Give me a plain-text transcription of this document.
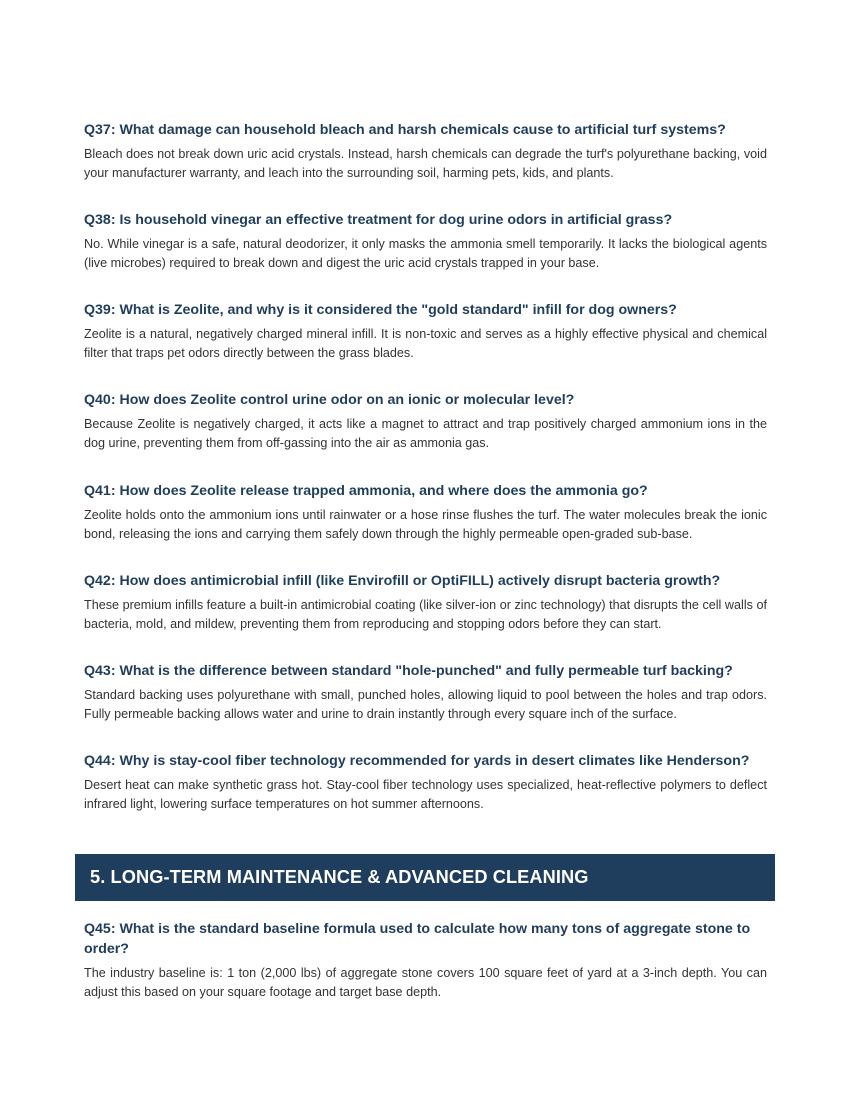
Q37: What damage can household bleach and harsh chemicals cause to artificial turf systems?

Bleach does not break down uric acid crystals. Instead, harsh chemicals can degrade the turf's polyurethane backing, void your manufacturer warranty, and leach into the surrounding soil, harming pets, kids, and plants.

Q38: Is household vinegar an effective treatment for dog urine odors in artificial grass?

No. While vinegar is a safe, natural deodorizer, it only masks the ammonia smell temporarily. It lacks the biological agents (live microbes) required to break down and digest the uric acid crystals trapped in your base.

Q39: What is Zeolite, and why is it considered the "gold standard" infill for dog owners?

Zeolite is a natural, negatively charged mineral infill. It is non-toxic and serves as a highly effective physical and chemical filter that traps pet odors directly between the grass blades.

Q40: How does Zeolite control urine odor on an ionic or molecular level?

Because Zeolite is negatively charged, it acts like a magnet to attract and trap positively charged ammonium ions in the dog urine, preventing them from off-gassing into the air as ammonia gas.

Q41: How does Zeolite release trapped ammonia, and where does the ammonia go?

Zeolite holds onto the ammonium ions until rainwater or a hose rinse flushes the turf. The water molecules break the ionic bond, releasing the ions and carrying them safely down through the highly permeable open-graded sub-base.

Q42: How does antimicrobial infill (like Envirofill or OptiFILL) actively disrupt bacteria growth?

These premium infills feature a built-in antimicrobial coating (like silver-ion or zinc technology) that disrupts the cell walls of bacteria, mold, and mildew, preventing them from reproducing and stopping odors before they can start.

Q43: What is the difference between standard "hole-punched" and fully permeable turf backing?

Standard backing uses polyurethane with small, punched holes, allowing liquid to pool between the holes and trap odors. Fully permeable backing allows water and urine to drain instantly through every square inch of the surface.

Q44: Why is stay-cool fiber technology recommended for yards in desert climates like Henderson?

Desert heat can make synthetic grass hot. Stay-cool fiber technology uses specialized, heat-reflective polymers to deflect infrared light, lowering surface temperatures on hot summer afternoons.

5. LONG-TERM MAINTENANCE & ADVANCED CLEANING
Q45: What is the standard baseline formula used to calculate how many tons of aggregate stone to order?

The industry baseline is: 1 ton (2,000 lbs) of aggregate stone covers 100 square feet of yard at a 3-inch depth. You can adjust this based on your square footage and target base depth.
